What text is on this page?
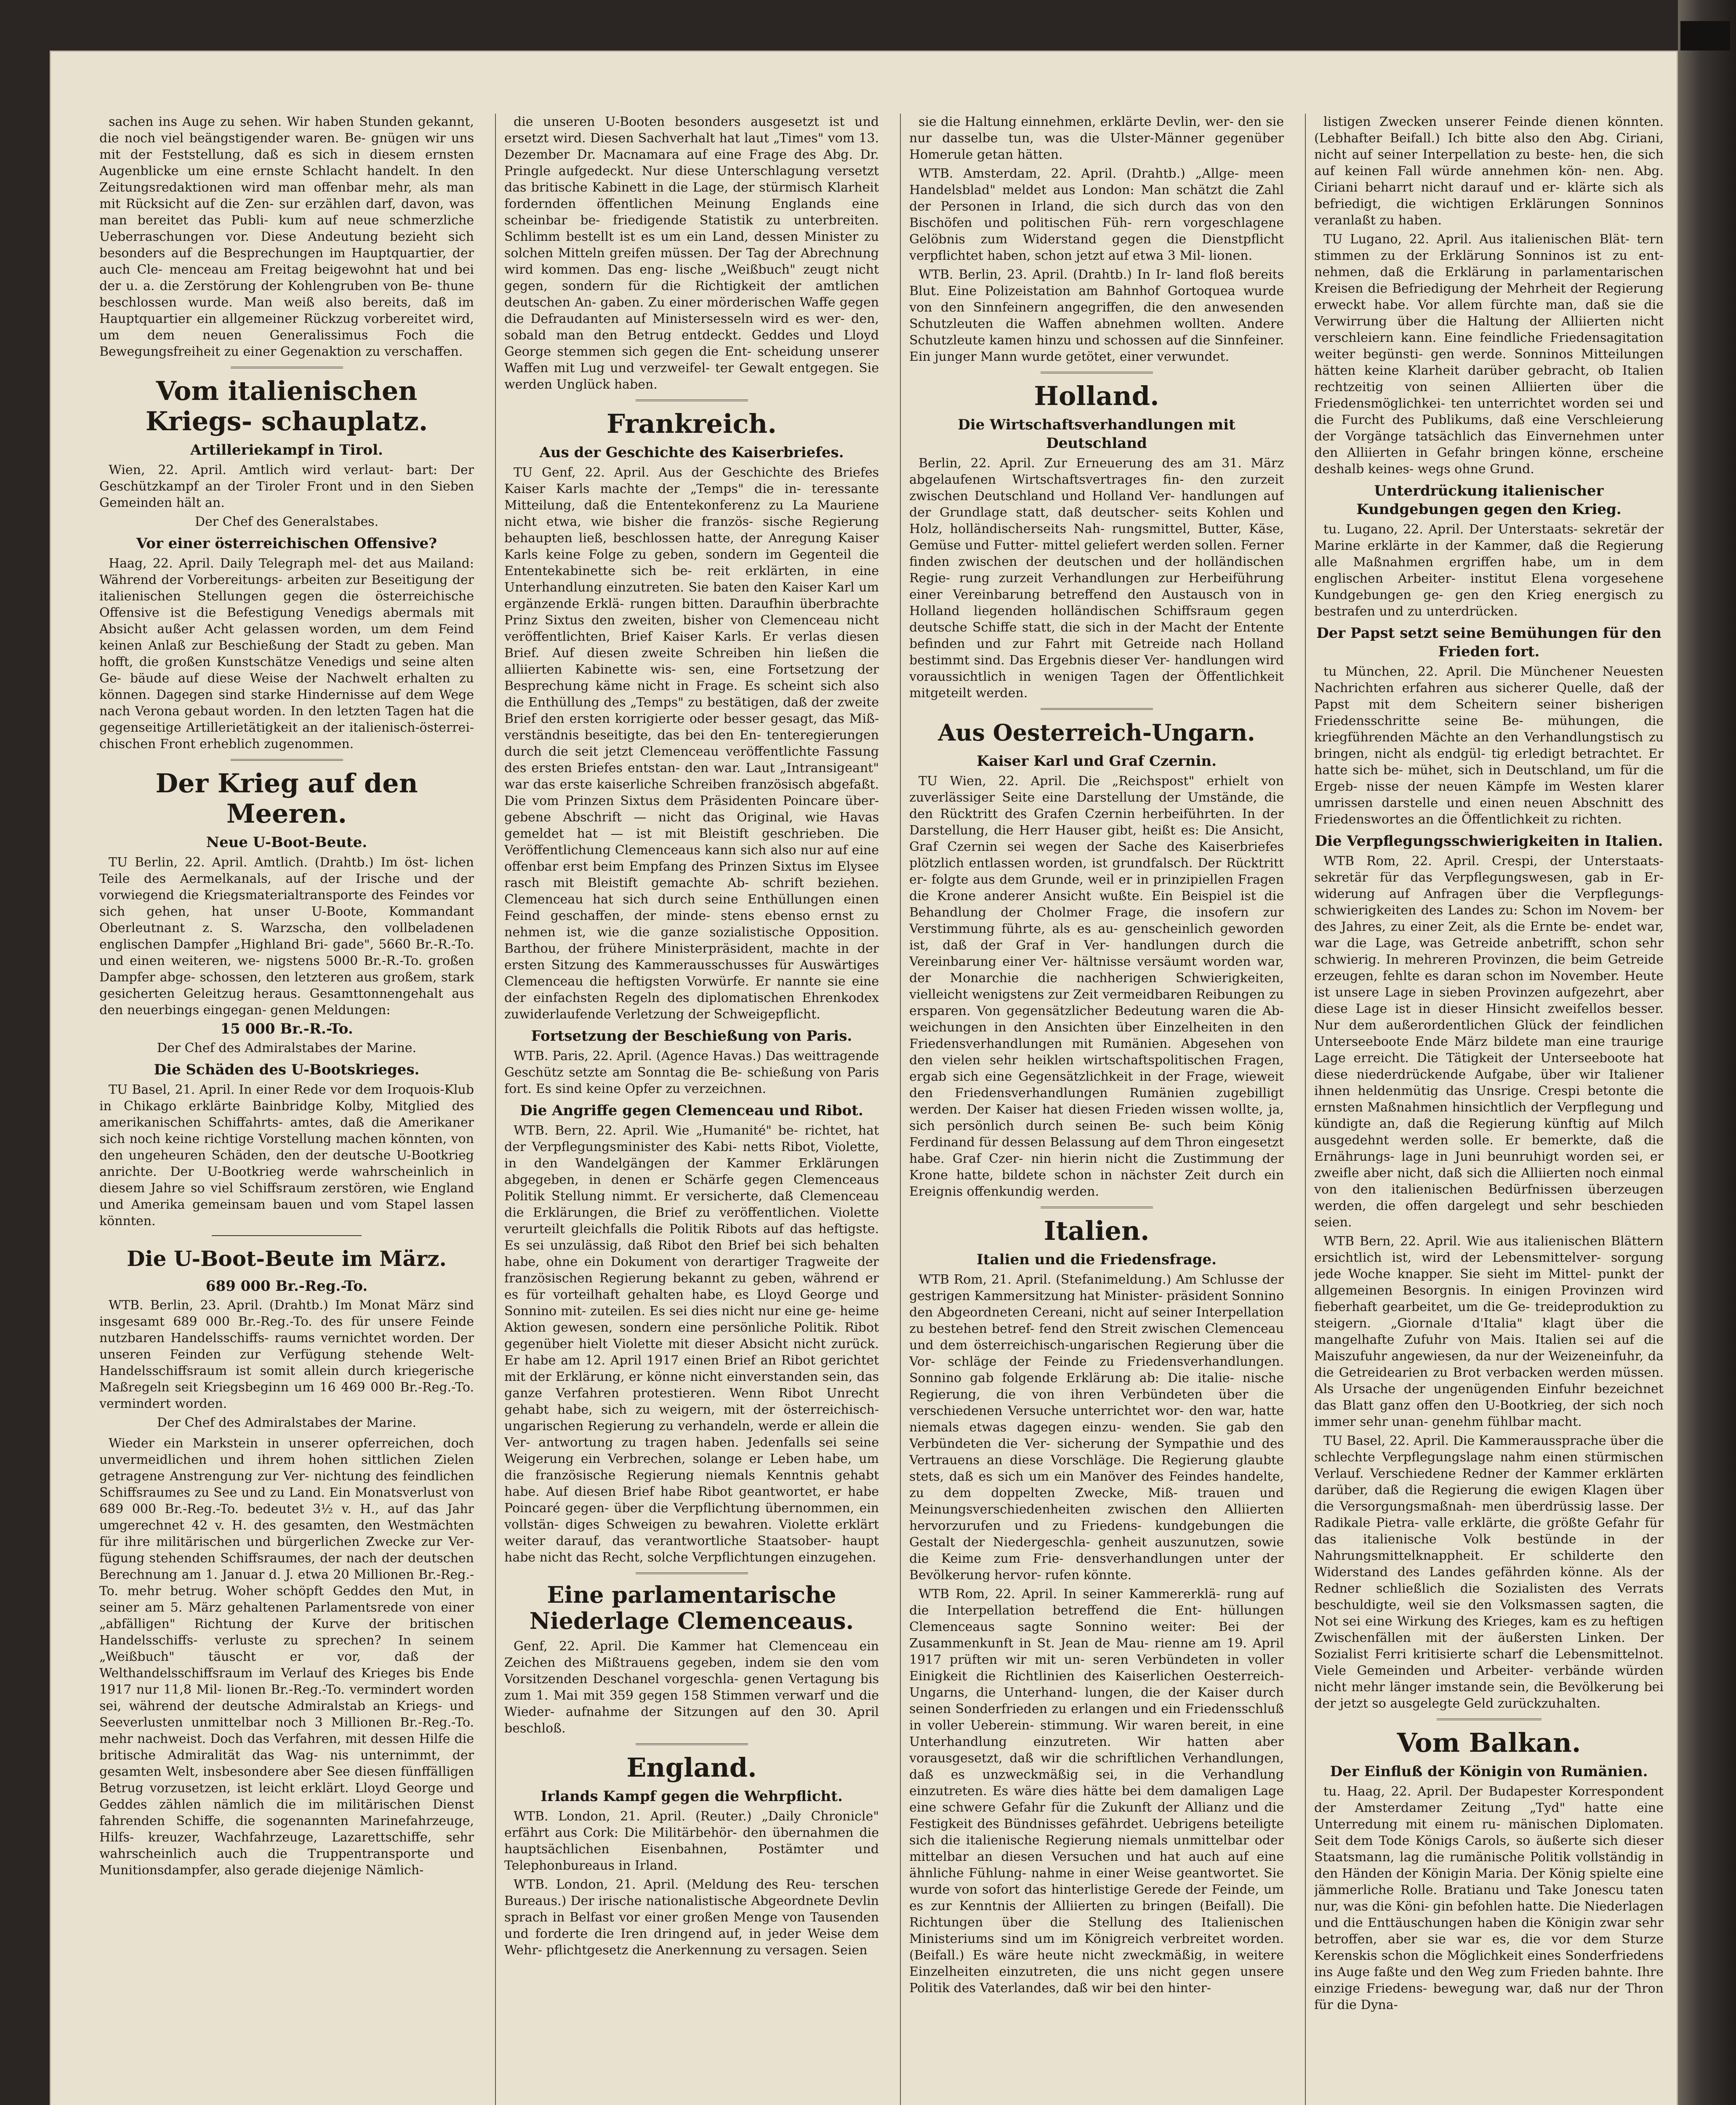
sachen ins Auge zu sehen. Wir haben Stunden gekannt, die noch viel beängstigender waren. Be- gnügen wir uns mit der Feststellung, daß es sich in diesem ernsten Augenblicke um eine ernste Schlacht handelt. In den Zeitungsredaktionen wird man offenbar mehr, als man mit Rücksicht auf die Zen- sur erzählen darf, davon, was man bereitet das Publi- kum auf neue schmerzliche Ueberraschungen vor. Diese Andeutung bezieht sich besonders auf die Besprechungen im Hauptquartier, der auch Cle- menceau am Freitag beigewohnt hat und bei der u. a. die Zerstörung der Kohlengruben von Be- thune beschlossen wurde. Man weiß also bereits, daß im Hauptquartier ein allgemeiner Rückzug vorbereitet wird, um dem neuen Generalissimus Foch die Bewegungsfreiheit zu einer Gegenaktion zu verschaffen.

Vom italienischen Kriegs- schauplatz.
Artilleriekampf in Tirol.

Wien, 22. April. Amtlich wird verlaut- bart: Der Geschützkampf an der Tiroler Front und in den Sieben Gemeinden hält an.

Der Chef des Generalstabes.
Vor einer österreichischen Offensive?

Haag, 22. April. Daily Telegraph mel- det aus Mailand: Während der Vorbereitungs- arbeiten zur Beseitigung der italienischen Stellungen gegen die österreichische Offensive ist die Befestigung Venedigs abermals mit Absicht außer Acht gelassen worden, um dem Feind keinen Anlaß zur Beschießung der Stadt zu geben. Man hofft, die großen Kunstschätze Venedigs und seine alten Ge- bäude auf diese Weise der Nachwelt erhalten zu können. Dagegen sind starke Hindernisse auf dem Wege nach Verona gebaut worden. In den letzten Tagen hat die gegenseitige Artillerietätigkeit an der italienisch-österrei- chischen Front erheblich zugenommen.

Der Krieg auf den Meeren.
Neue U-Boot-Beute.

TU Berlin, 22. April. Amtlich. (Drahtb.) Im öst- lichen Teile des Aermelkanals, auf der Irische und der vorwiegend die Kriegsmaterialtransporte des Feindes vor sich gehen, hat unser U-Boote, Kommandant Oberleutnant z. S. Warzscha, den vollbeladenen englischen Dampfer „Highland Bri- gade", 5660 Br.-R.-To. und einen weiteren, we- nigstens 5000 Br.-R.-To. großen Dampfer abge- schossen, den letzteren aus großem, stark gesicherten Geleitzug heraus. Gesamttonnengehalt aus den neuerbings eingegan- genen Meldungen:

15 000 Br.-R.-To.
Der Chef des Admiralstabes der Marine.
Die Schäden des U-Bootskrieges.

TU Basel, 21. April. In einer Rede vor dem Iroquois-Klub in Chikago erklärte Bainbridge Kolby, Mitglied des amerikanischen Schiffahrts- amtes, daß die Amerikaner sich noch keine richtige Vorstellung machen könnten, von den ungeheuren Schäden, den der deutsche U-Bootkrieg anrichte. Der U-Bootkrieg werde wahrscheinlich in diesem Jahre so viel Schiffsraum zerstören, wie England und Amerika gemeinsam bauen und vom Stapel lassen könnten.

Die U-Boot-Beute im März.
689 000 Br.-Reg.-To.

WTB. Berlin, 23. April. (Drahtb.) Im Monat März sind insgesamt 689 000 Br.-Reg.-To. des für unsere Feinde nutzbaren Handelsschiffs- raums vernichtet worden. Der unseren Feinden zur Verfügung stehende Welt-Handelsschiffsraum ist somit allein durch kriegerische Maßregeln seit Kriegsbeginn um 16 469 000 Br.-Reg.-To. vermindert worden.

Der Chef des Admiralstabes der Marine.

Wieder ein Markstein in unserer opferreichen, doch unvermeidlichen und ihrem hohen sittlichen Zielen getragene Anstrengung zur Ver- nichtung des feindlichen Schiffsraumes zu See und zu Land. Ein Monatsverlust von 689 000 Br.-Reg.-To. bedeutet 3½ v. H., auf das Jahr umgerechnet 42 v. H. des gesamten, den Westmächten für ihre militärischen und bürgerlichen Zwecke zur Ver- fügung stehenden Schiffsraumes, der nach der deutschen Berechnung am 1. Januar d. J. etwa 20 Millionen Br.-Reg.-To. mehr betrug. Woher schöpft Geddes den Mut, in seiner am 5. März gehaltenen Parlamentsrede von einer „abfälligen" Richtung der Kurve der britischen Handelsschiffs- verluste zu sprechen? In seinem „Weißbuch" täuscht er vor, daß der Welthandelsschiffsraum im Verlauf des Krieges bis Ende 1917 nur 11,8 Mil- lionen Br.-Reg.-To. vermindert worden sei, während der deutsche Admiralstab an Kriegs- und Seeverlusten unmittelbar noch 3 Millionen Br.-Reg.-To. mehr nachweist. Doch das Verfahren, mit dessen Hilfe die britische Admiralität das Wag- nis unternimmt, der gesamten Welt, insbesondere aber See diesen fünffälligen Betrug vorzusetzen, ist leicht erklärt. Lloyd George und Geddes zählen nämlich die im militärischen Dienst fahrenden Schiffe, die sogenannten Marinefahrzeuge, Hilfs- kreuzer, Wachfahrzeuge, Lazarettschiffe, sehr wahrscheinlich auch die Truppentransporte und Munitionsdampfer, also gerade diejenige Nämlich-

die unseren U-Booten besonders ausgesetzt ist und ersetzt wird. Diesen Sachverhalt hat laut „Times" vom 13. Dezember Dr. Macnamara auf eine Frage des Abg. Dr. Pringle aufgedeckt. Nur diese Unterschlagung versetzt das britische Kabinett in die Lage, der stürmisch Klarheit fordernden öffentlichen Meinung Englands eine scheinbar be- friedigende Statistik zu unterbreiten. Schlimm bestellt ist es um ein Land, dessen Minister zu solchen Mitteln greifen müssen. Der Tag der Abrechnung wird kommen. Das eng- lische „Weißbuch" zeugt nicht gegen, sondern für die Richtigkeit der amtlichen deutschen An- gaben. Zu einer mörderischen Waffe gegen die Defraudanten auf Ministersesseln wird es wer- den, sobald man den Betrug entdeckt. Geddes und Lloyd George stemmen sich gegen die Ent- scheidung unserer Waffen mit Lug und verzweifel- ter Gewalt entgegen. Sie werden Unglück haben.

Frankreich.
Aus der Geschichte des Kaiserbriefes.

TU Genf, 22. April. Aus der Geschichte des Briefes Kaiser Karls machte der „Temps" die in- teressante Mitteilung, daß die Ententekonferenz zu La Mauriene nicht etwa, wie bisher die französ- sische Regierung behaupten ließ, beschlossen hatte, der Anregung Kaiser Karls keine Folge zu geben, sondern im Gegenteil die Ententekabinette sich be- reit erklärten, in eine Unterhandlung einzutreten. Sie baten den Kaiser Karl um ergänzende Erklä- rungen bitten. Daraufhin überbrachte Prinz Sixtus den zweiten, bisher von Clemenceau nicht veröffentlichten, Brief Kaiser Karls. Er verlas diesen Brief. Auf diesen zweite Schreiben hin ließen die alliierten Kabinette wis- sen, eine Fortsetzung der Besprechung käme nicht in Frage. Es scheint sich also die Enthüllung des „Temps" zu bestätigen, daß der zweite Brief den ersten korrigierte oder besser gesagt, das Miß- verständnis beseitigte, das bei den En- tenteregierungen durch die seit jetzt Clemenceau veröffentlichte Fassung des ersten Briefes entstan- den war. Laut „Intransigeant" war das erste kaiserliche Schreiben französisch abgefaßt. Die vom Prinzen Sixtus dem Präsidenten Poincare über- gebene Abschrift — nicht das Original, wie Havas gemeldet hat — ist mit Bleistift geschrieben. Die Veröffentlichung Clemenceaus kann sich also nur auf eine offenbar erst beim Empfang des Prinzen Sixtus im Elysee rasch mit Bleistift gemachte Ab- schrift beziehen. Clemenceau hat sich durch seine Enthüllungen einen Feind geschaffen, der minde- stens ebenso ernst zu nehmen ist, wie die ganze sozialistische Opposition. Barthou, der frühere Ministerpräsident, machte in der ersten Sitzung des Kammerausschusses für Auswärtiges Clemenceau die heftigsten Vorwürfe. Er nannte sie eine der einfachsten Regeln des diplomatischen Ehrenkodex zuwiderlaufende Verletzung der Schweigepflicht.

Fortsetzung der Beschießung von Paris.

WTB. Paris, 22. April. (Agence Havas.) Das weittragende Geschütz setzte am Sonntag die Be- schießung von Paris fort. Es sind keine Opfer zu verzeichnen.

Die Angriffe gegen Clemenceau und Ribot.

WTB. Bern, 22. April. Wie „Humanité" be- richtet, hat der Verpflegungsminister des Kabi- netts Ribot, Violette, in den Wandelgängen der Kammer Erklärungen abgegeben, in denen er Schärfe gegen Clemenceaus Politik Stellung nimmt. Er versicherte, daß Clemenceau die Erklärungen, die Brief zu veröffentlichen. Violette verurteilt gleichfalls die Politik Ribots auf das heftigste. Es sei unzulässig, daß Ribot den Brief bei sich behalten habe, ohne ein Dokument von derartiger Tragweite der französischen Regierung bekannt zu geben, während er es für vorteilhaft gehalten habe, es Lloyd George und Sonnino mit- zuteilen. Es sei dies nicht nur eine ge- heime Aktion gewesen, sondern eine persönliche Politik. Ribot gegenüber hielt Violette mit dieser Absicht nicht zurück. Er habe am 12. April 1917 einen Brief an Ribot gerichtet mit der Erklärung, er könne nicht einverstanden sein, das ganze Verfahren protestieren. Wenn Ribot Unrecht gehabt habe, sich zu weigern, mit der österreichisch-ungarischen Regierung zu verhandeln, werde er allein die Ver- antwortung zu tragen haben. Jedenfalls sei seine Weigerung ein Verbrechen, solange er Leben habe, um die französische Regierung niemals Kenntnis gehabt habe. Auf diesen Brief habe Ribot geantwortet, er habe Poincaré gegen- über die Verpflichtung übernommen, ein vollstän- diges Schweigen zu bewahren. Violette erklärt weiter darauf, das verantwortliche Staatsober- haupt habe nicht das Recht, solche Verpflichtungen einzugehen.

Eine parlamentarische Niederlage Clemenceaus.

Genf, 22. April. Die Kammer hat Clemenceau ein Zeichen des Mißtrauens gegeben, indem sie den vom Vorsitzenden Deschanel vorgeschla- genen Vertagung bis zum 1. Mai mit 359 gegen 158 Stimmen verwarf und die Wieder- aufnahme der Sitzungen auf den 30. April beschloß.

England.
Irlands Kampf gegen die Wehrpflicht.

WTB. London, 21. April. (Reuter.) „Daily Chronicle" erfährt aus Cork: Die Militärbehör- den übernahmen die hauptsächlichen Eisenbahnen, Postämter und Telephonbureaus in Irland.

WTB. London, 21. April. (Meldung des Reu- terschen Bureaus.) Der irische nationalistische Abgeordnete Devlin sprach in Belfast vor einer großen Menge von Tausenden und forderte die Iren dringend auf, in jeder Weise dem Wehr- pflichtgesetz die Anerkennung zu versagen. Seien

sie die Haltung einnehmen, erklärte Devlin, wer- den sie nur dasselbe tun, was die Ulster-Männer gegenüber Homerule getan hätten.

WTB. Amsterdam, 22. April. (Drahtb.) „Allge- meen Handelsblad" meldet aus London: Man schätzt die Zahl der Personen in Irland, die sich durch das von den Bischöfen und politischen Füh- rern vorgeschlagene Gelöbnis zum Widerstand gegen die Dienstpflicht verpflichtet haben, schon jetzt auf etwa 3 Mil- lionen.

WTB. Berlin, 23. April. (Drahtb.) In Ir- land floß bereits Blut. Eine Polizeistation am Bahnhof Gortoquea wurde von den Sinnfeinern angegriffen, die den anwesenden Schutzleuten die Waffen abnehmen wollten. Andere Schutzleute kamen hinzu und schossen auf die Sinnfeiner. Ein junger Mann wurde getötet, einer verwundet.

Holland.
Die Wirtschaftsverhandlungen mit Deutschland

Berlin, 22. April. Zur Erneuerung des am 31. März abgelaufenen Wirtschaftsvertrages fin- den zurzeit zwischen Deutschland und Holland Ver- handlungen auf der Grundlage statt, daß deutscher- seits Kohlen und Holz, holländischerseits Nah- rungsmittel, Butter, Käse, Gemüse und Futter- mittel geliefert werden sollen. Ferner finden zwischen der deutschen und der holländischen Regie- rung zurzeit Verhandlungen zur Herbeiführung einer Vereinbarung betreffend den Austausch von in Holland liegenden holländischen Schiffsraum gegen deutsche Schiffe statt, die sich in der Macht der Entente befinden und zur Fahrt mit Getreide nach Holland bestimmt sind. Das Ergebnis dieser Ver- handlungen wird voraussichtlich in wenigen Tagen der Öffentlichkeit mitgeteilt werden.

Aus Oesterreich-Ungarn.
Kaiser Karl und Graf Czernin.

TU Wien, 22. April. Die „Reichspost" erhielt von zuverlässiger Seite eine Darstellung der Umstände, die den Rücktritt des Grafen Czernin herbeiführten. In der Darstellung, die Herr Hauser gibt, heißt es: Die Ansicht, Graf Czernin sei wegen der Sache des Kaiserbriefes plötzlich entlassen worden, ist grundfalsch. Der Rücktritt er- folgte aus dem Grunde, weil er in prinzipiellen Fragen die Krone anderer Ansicht wußte. Ein Beispiel ist die Behandlung der Cholmer Frage, die insofern zur Verstimmung führte, als es au- genscheinlich geworden ist, daß der Graf in Ver- handlungen durch die Vereinbarung einer Ver- hältnisse versäumt worden war, der Monarchie die nachherigen Schwierigkeiten, vielleicht wenigstens zur Zeit vermeidbaren Reibungen zu ersparen. Von gegensätzlicher Bedeutung waren die Ab- weichungen in den Ansichten über Einzelheiten in den Friedensverhandlungen mit Rumänien. Abgesehen von den vielen sehr heiklen wirtschaftspolitischen Fragen, ergab sich eine Gegensätzlichkeit in der Frage, wieweit den Friedensverhandlungen Rumänien zugebilligt werden. Der Kaiser hat diesen Frieden wissen wollte, ja, sich persönlich durch seinen Be- such beim König Ferdinand für dessen Belassung auf dem Thron eingesetzt habe. Graf Czer- nin hierin nicht die Zustimmung der Krone hatte, bildete schon in nächster Zeit durch ein Ereignis offenkundig werden.

Italien.
Italien und die Friedensfrage.

WTB Rom, 21. April. (Stefanimeldung.) Am Schlusse der gestrigen Kammersitzung hat Minister- präsident Sonnino den Abgeordneten Cereani, nicht auf seiner Interpellation zu bestehen betref- fend den Streit zwischen Clemenceau und dem österreichisch-ungarischen Regierung über die Vor- schläge der Feinde zu Friedensverhandlungen. Sonnino gab folgende Erklärung ab: Die italie- nische Regierung, die von ihren Verbündeten über die verschiedenen Versuche unterrichtet wor- den war, hatte niemals etwas dagegen einzu- wenden. Sie gab den Verbündeten die Ver- sicherung der Sympathie und des Vertrauens an diese Vorschläge. Die Regierung glaubte stets, daß es sich um ein Manöver des Feindes handelte, zu dem doppelten Zwecke, Miß- trauen und Meinungsverschiedenheiten zwischen den Alliierten hervorzurufen und zu Friedens- kundgebungen die Gestalt der Niedergeschla- genheit auszunutzen, sowie die Keime zum Frie- densverhandlungen unter der Bevölkerung hervor- rufen könnte.

WTB Rom, 22. April. In seiner Kammererklä- rung auf die Interpellation betreffend die Ent- hüllungen Clemenceaus sagte Sonnino weiter: Bei der Zusammenkunft in St. Jean de Mau- rienne am 19. April 1917 prüften wir mit un- seren Verbündeten in voller Einigkeit die Richtlinien des Kaiserlichen Oesterreich-Ungarns, die Unterhand- lungen, die der Kaiser durch seinen Sonderfrieden zu erlangen und ein Friedensschluß in voller Ueberein- stimmung. Wir waren bereit, in eine Unterhandlung einzutreten. Wir hatten aber vorausgesetzt, daß wir die schriftlichen Verhandlungen, daß es unzweckmäßig sei, in die Verhandlung einzutreten. Es wäre dies hätte bei dem damaligen Lage eine schwere Gefahr für die Zukunft der Allianz und die Festigkeit des Bündnisses gefährdet. Uebrigens beteiligte sich die italienische Regierung niemals unmittelbar oder mittelbar an diesen Versuchen und hat auch auf eine ähnliche Fühlung- nahme in einer Weise geantwortet. Sie wurde von sofort das hinterlistige Gerede der Feinde, um es zur Kenntnis der Alliierten zu bringen (Beifall). Die Richtungen über die Stellung des Italienischen Ministeriums sind um im Königreich verbreitet worden. (Beifall.) Es wäre heute nicht zweckmäßig, in weitere Einzelheiten einzutreten, die uns nicht gegen unsere Politik des Vaterlandes, daß wir bei den hinter-

listigen Zwecken unserer Feinde dienen könnten. (Lebhafter Beifall.) Ich bitte also den Abg. Ciriani, nicht auf seiner Interpellation zu beste- hen, die sich auf keinen Fall würde annehmen kön- nen. Abg. Ciriani beharrt nicht darauf und er- klärte sich als befriedigt, die wichtigen Erklärungen Sonninos veranlaßt zu haben.

TU Lugano, 22. April. Aus italienischen Blät- tern stimmen zu der Erklärung Sonninos ist zu ent- nehmen, daß die Erklärung in parlamentarischen Kreisen die Befriedigung der Mehrheit der Regierung erweckt habe. Vor allem fürchte man, daß sie die Verwirrung über die Haltung der Alliierten nicht verschleiern kann. Eine feindliche Friedensagitation weiter begünsti- gen werde. Sonninos Mitteilungen hätten keine Klarheit darüber gebracht, ob Italien rechtzeitig von seinen Alliierten über die Friedensmöglichkei- ten unterrichtet worden sei und die Furcht des Publikums, daß eine Verschleierung der Vorgänge tatsächlich das Einvernehmen unter den Alliierten in Gefahr bringen könne, erscheine deshalb keines- wegs ohne Grund.

Unterdrückung italienischer Kundgebungen gegen den Krieg.

tu. Lugano, 22. April. Der Unterstaats- sekretär der Marine erklärte in der Kammer, daß die Regierung alle Maßnahmen ergriffen habe, um in dem englischen Arbeiter- institut Elena vorgesehene Kundgebungen ge- gen den Krieg energisch zu bestrafen und zu unterdrücken.

Der Papst setzt seine Bemühungen für den Frieden fort.

tu München, 22. April. Die Münchener Neuesten Nachrichten erfahren aus sicherer Quelle, daß der Papst mit dem Scheitern seiner bisherigen Friedensschritte seine Be- mühungen, die kriegführenden Mächte an den Verhandlungstisch zu bringen, nicht als endgül- tig erledigt betrachtet. Er hatte sich be- mühet, sich in Deutschland, um für die Ergeb- nisse der neuen Kämpfe im Westen klarer umrissen darstelle und einen neuen Abschnitt des Friedenswortes an die Öffentlichkeit zu richten.

Die Verpflegungsschwierigkeiten in Italien.

WTB Rom, 22. April. Crespi, der Unterstaats- sekretär für das Verpflegungswesen, gab in Er- widerung auf Anfragen über die Verpflegungs- schwierigkeiten des Landes zu: Schon im Novem- ber des Jahres, zu einer Zeit, als die Ernte be- endet war, war die Lage, was Getreide anbetrifft, schon sehr schwierig. In mehreren Provinzen, die beim Getreide erzeugen, fehlte es daran schon im November. Heute ist unsere Lage in sieben Provinzen aufgezehrt, aber diese Lage ist in dieser Hinsicht zweifellos besser. Nur dem außerordentlichen Glück der feindlichen Unterseeboote Ende März bildete man eine traurige Lage erreicht. Die Tätigkeit der Unterseeboote hat diese niederdrückende Aufgabe, über wir Italiener ihnen heldenmütig das Unsrige. Crespi betonte die ernsten Maßnahmen hinsichtlich der Verpflegung und kündigte an, daß die Regierung künftig auf Milch ausgedehnt werden solle. Er bemerkte, daß die Ernährungs- lage in Juni beunruhigt worden sei, er zweifle aber nicht, daß sich die Alliierten noch einmal von den italienischen Bedürfnissen überzeugen werden, die offen dargelegt und sehr beschieden seien.

WTB Bern, 22. April. Wie aus italienischen Blättern ersichtlich ist, wird der Lebensmittelver- sorgung jede Woche knapper. Sie sieht im Mittel- punkt der allgemeinen Besorgnis. In einigen Provinzen wird fieberhaft gearbeitet, um die Ge- treideproduktion zu steigern. „Giornale d'Italia" klagt über die mangelhafte Zufuhr von Mais. Italien sei auf die Maiszufuhr angewiesen, da nur der Weizeneinfuhr, da die Getreidearien zu Brot verbacken werden müssen. Als Ursache der ungenügenden Einfuhr bezeichnet das Blatt ganz offen den U-Bootkrieg, der sich noch immer sehr unan- genehm fühlbar macht.

TU Basel, 22. April. Die Kammeraussprache über die schlechte Verpflegungslage nahm einen stürmischen Verlauf. Verschiedene Redner der Kammer erklärten darüber, daß die Regierung die ewigen Klagen über die Versorgungsmaßnah- men überdrüssig lasse. Der Radikale Pietra- valle erklärte, die größte Gefahr für das italienische Volk bestünde in der Nahrungsmittelknappheit. Er schilderte den Widerstand des Landes gefährden könne. Als der Redner schließlich die Sozialisten des Verrats beschuldigte, weil sie den Volksmassen sagten, die Not sei eine Wirkung des Krieges, kam es zu heftigen Zwischenfällen mit der äußersten Linken. Der Sozialist Ferri kritisierte scharf die Lebensmittelnot. Viele Gemeinden und Arbeiter- verbände würden nicht mehr länger imstande sein, die Bevölkerung bei der jetzt so ausgelegte Geld zurückzuhalten.

Vom Balkan.
Der Einfluß der Königin von Rumänien.

tu. Haag, 22. April. Der Budapester Korrespondent der Amsterdamer Zeitung „Tyd" hatte eine Unterredung mit einem ru- mänischen Diplomaten. Seit dem Tode Königs Carols, so äußerte sich dieser Staatsmann, lag die rumänische Politik vollständig in den Händen der Königin Maria. Der König spielte eine jämmerliche Rolle. Bratianu und Take Jonescu taten nur, was die Köni- gin befohlen hatte. Die Niederlagen und die Enttäuschungen haben die Königin zwar sehr betroffen, aber sie war es, die vor dem Sturze Kerenskis schon die Möglichkeit eines Sonderfriedens ins Auge faßte und den Weg zum Frieden bahnte. Ihre einzige Friedens- bewegung war, daß nur der Thron für die Dyna-
